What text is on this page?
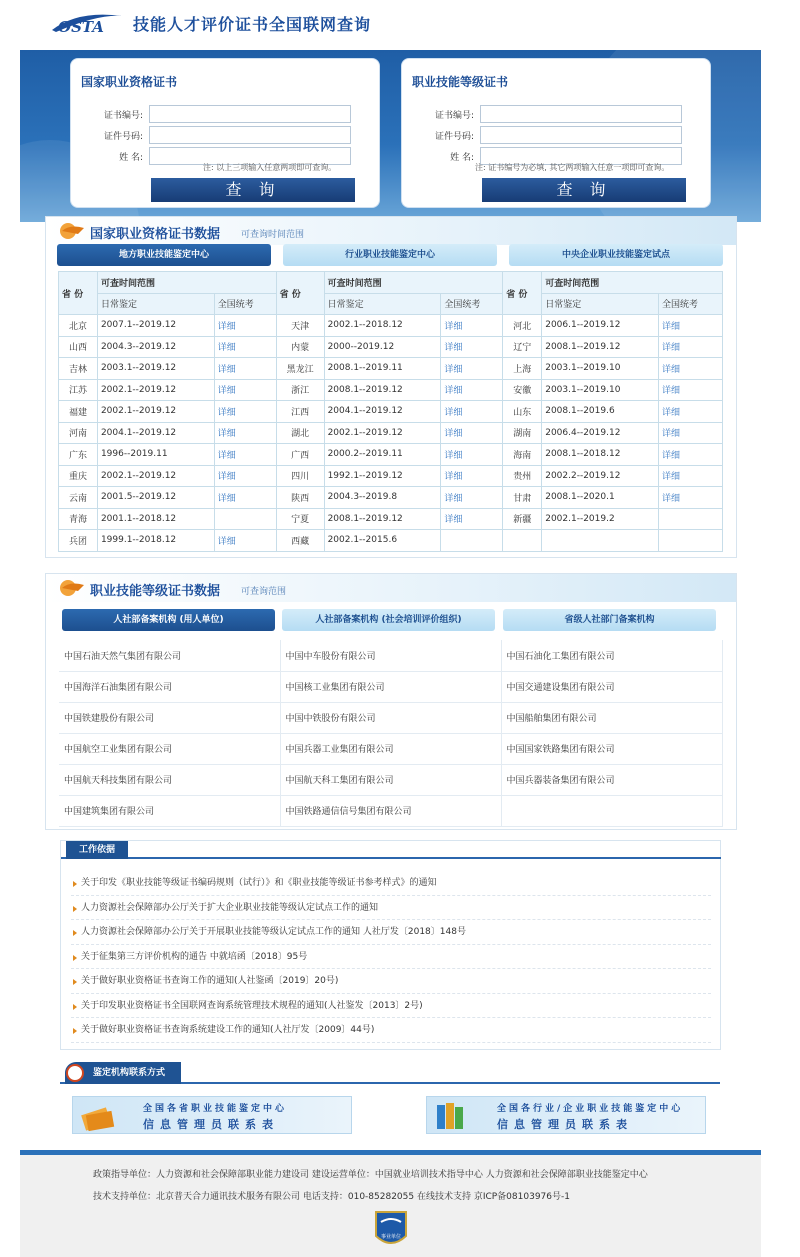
OSTA 技能人才评价证书全国联网查询
国家职业资格证书
证书编号:
证件号码:
姓 名:
注: 以上三项输入任意两项即可查询。
查 询
职业技能等级证书
证书编号:
证件号码:
姓 名:
注: 证书编号为必填, 其它两项输入任意一项即可查询。
查 询
国家职业资格证书数据 可查询时间范围
地方职业技能鉴定中心	行业职业技能鉴定中心	中央企业职业技能鉴定试点
省 份	可查时间范围		省 份	可查时间范围		省 份	可查时间范围	
	日常鉴定	全国统考		日常鉴定	全国统考		日常鉴定	全国统考
北京	2007.1--2019.12	详细	天津	2002.1--2018.12	详细	河北	2006.1--2019.12	详细
山西	2004.3--2019.12	详细	内蒙	2000--2019.12	详细	辽宁	2008.1--2019.12	详细
吉林	2003.1--2019.12	详细	黑龙江	2008.1--2019.11	详细	上海	2003.1--2019.10	详细
江苏	2002.1--2019.12	详细	浙江	2008.1--2019.12	详细	安徽	2003.1--2019.10	详细
福建	2002.1--2019.12	详细	江西	2004.1--2019.12	详细	山东	2008.1--2019.6	详细
河南	2004.1--2019.12	详细	湖北	2002.1--2019.12	详细	湖南	2006.4--2019.12	详细
广东	1996--2019.11	详细	广西	2000.2--2019.11	详细	海南	2008.1--2018.12	详细
重庆	2002.1--2019.12	详细	四川	1992.1--2019.12	详细	贵州	2002.2--2019.12	详细
云南	2001.5--2019.12	详细	陕西	2004.3--2019.8	详细	甘肃	2008.1--2020.1	详细
青海	2001.1--2018.12		宁夏	2008.1--2019.12	详细	新疆	2002.1--2019.2	
兵团	1999.1--2018.12	详细	西藏	2002.1--2015.6				
职业技能等级证书数据 可查询范围
人社部备案机构 (用人单位)	人社部备案机构 (社会培训评价组织)	省级人社部门备案机构
中国石油天然气集团有限公司	中国中车股份有限公司	中国石油化工集团有限公司
中国海洋石油集团有限公司	中国核工业集团有限公司	中国交通建设集团有限公司
中国铁建股份有限公司	中国中铁股份有限公司	中国船舶集团有限公司
中国航空工业集团有限公司	中国兵器工业集团有限公司	中国国家铁路集团有限公司
中国航天科技集团有限公司	中国航天科工集团有限公司	中国兵器装备集团有限公司
中国建筑集团有限公司	中国铁路通信信号集团有限公司	
工作依据
关于印发《职业技能等级证书编码规则（试行）》和《职业技能等级证书参考样式》的通知
人力资源社会保障部办公厅关于扩大企业职业技能等级认定试点工作的通知
人力资源社会保障部办公厅关于开展职业技能等级认定试点工作的通知 人社厅发〔2018〕148号
关于征集第三方评价机构的通告 中就培函〔2018〕95号
关于做好职业资格证书查询工作的通知(人社鉴函〔2019〕20号)
关于印发职业资格证书全国联网查询系统管理技术规程的通知(人社鉴发〔2013〕2号)
关于做好职业资格证书查询系统建设工作的通知(人社厅发〔2009〕44号)
鉴定机构联系方式
全国各省职业技能鉴定中心
信息管理员联系表
全国各行业/企业职业技能鉴定中心
信息管理员联系表
政策指导单位：人力资源和社会保障部职业能力建设司 建设运营单位：中国就业培训技术指导中心 人力资源和社会保障部职业技能鉴定中心
技术支持单位：北京普天合力通讯技术服务有限公司 电话支持：010-85282055 在线技术支持 京ICP备08103976号-1
事业单位
